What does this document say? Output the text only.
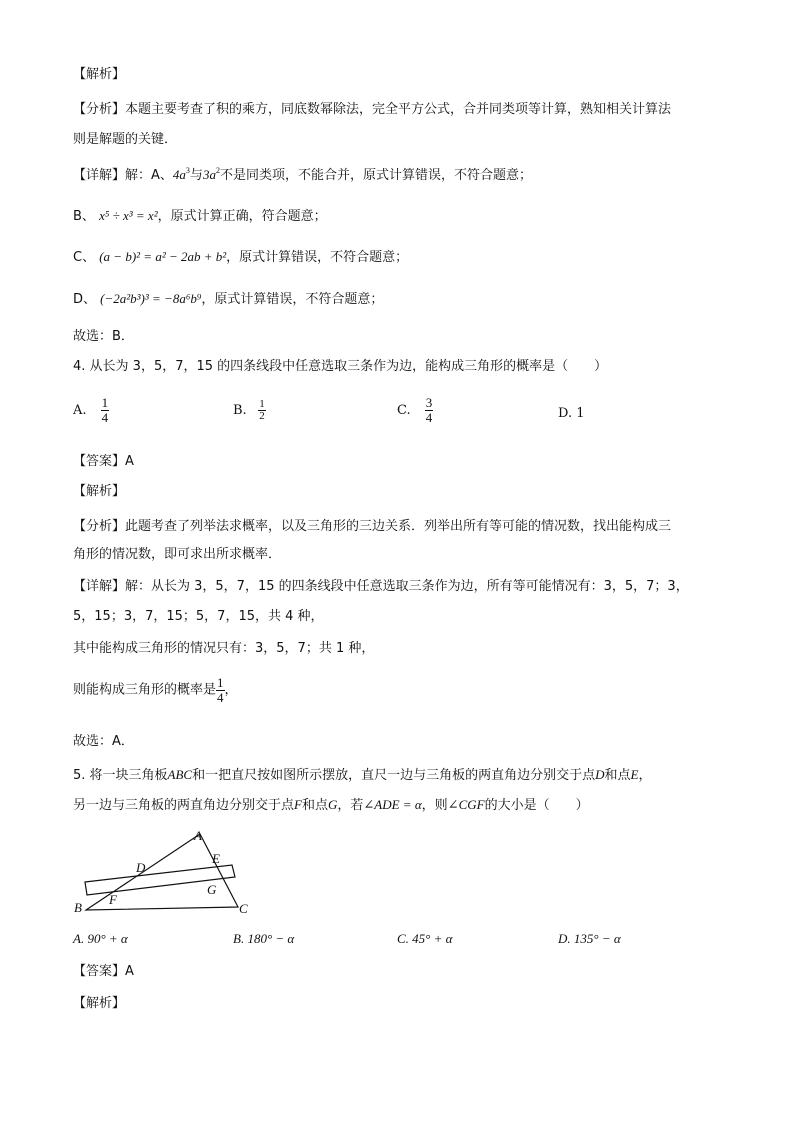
【解析】
【分析】本题主要考查了积的乘方，同底数幂除法，完全平方公式，合并同类项等计算，熟知相关计算法
则是解题的关键．
【详解】解：A、$4a^3$与$3a^2$不是同类项，不能合并，原式计算错误，不符合题意；
B、 x⁵ ÷ x³ = x²，原式计算正确，符合题意；
C、 (a − b)² = a² − 2ab + b²，原式计算错误，不符合题意；
D、 (−2a²b³)³ = −8a⁶b⁹，原式计算错误，不符合题意；
故选：B．
4. 从长为 3，5，7，15 的四条线段中任意选取三条作为边，能构成三角形的概率是（　　）
A. $\frac{1}{4}$	B. $\frac{1}{2}$	C. $\frac{3}{4}$	D. 1
【答案】A
【解析】
【分析】此题考查了列举法求概率，以及三角形的三边关系．列举出所有等可能的情况数，找出能构成三
角形的情况数，即可求出所求概率．
【详解】解：从长为 3，5，7，15 的四条线段中任意选取三条作为边，所有等可能情况有：3，5，7；3，
5，15；3，7，15；5，7，15，共 4 种，
其中能构成三角形的情况只有：3，5，7；共 1 种，
则能构成三角形的概率是 $\frac{1}{4}$ ，
故选：A．
5. 将一块三角板ABC和一把直尺按如图所示摆放，直尺一边与三角板的两直角边分别交于点D和点E，
另一边与三角板的两直角边分别交于点F和点G，若∠ADE = α，则∠CGF的大小是（　　）
A
B	C
D
E
F
G
A. 90° + α	B. 180° − α	C. 45° + α	D. 135° − α
【答案】A
【解析】
